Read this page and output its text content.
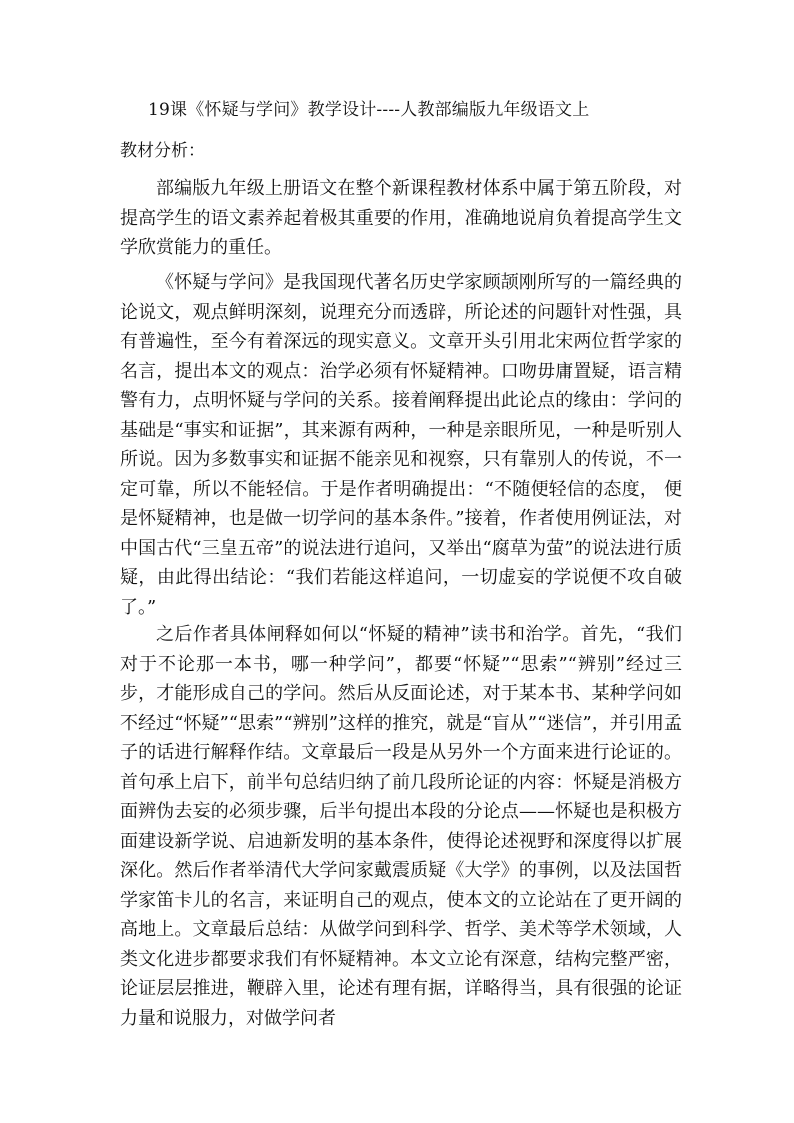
19课《怀疑与学问》教学设计----人教部编版九年级语文上
教材分析：

部编版九年级上册语文在整个新课程教材体系中属于第五阶段，对提高学生的语文素养起着极其重要的作用，准确地说肩负着提高学生文学欣赏能力的重任。

《怀疑与学问》是我国现代著名历史学家顾颉刚所写的一篇经典的论说文，观点鲜明深刻，说理充分而透辟，所论述的问题针对性强，具有普遍性，至今有着深远的现实意义。文章开头引用北宋两位哲学家的名言，提出本文的观点：治学必须有怀疑精神。口吻毋庸置疑，语言精警有力，点明怀疑与学问的关系。接着阐释提出此论点的缘由：学问的基础是“事实和证据”，其来源有两种，一种是亲眼所见，一种是听别人所说。因为多数事实和证据不能亲见和视察，只有靠别人的传说，不一定可靠，所以不能轻信。于是作者明确提出：“不随便轻信的态度， 便是怀疑精神，也是做一切学问的基本条件。”接着，作者使用例证法，对中国古代“三皇五帝”的说法进行追问，又举出“腐草为萤”的说法进行质疑，由此得出结论：“我们若能这样追问，一切虚妄的学说便不攻自破了。”

之后作者具体闸释如何以“怀疑的精神”读书和治学。首先，“我们对于不论那一本书，哪一种学问”，都要“怀疑”“思索”“辨别”经过三步，才能形成自己的学问。然后从反面论述，对于某本书、某种学问如不经过“怀疑”“思索”“辨别”这样的推究，就是“盲从”“迷信”，并引用孟子的话进行解释作结。文章最后一段是从另外一个方面来进行论证的。首句承上启下，前半句总结归纳了前几段所论证的内容：怀疑是消极方面辨伪去妄的必须步骤，后半句提出本段的分论点——怀疑也是积极方面建设新学说、启迪新发明的基本条件，使得论述视野和深度得以扩展深化。然后作者举清代大学问家戴震质疑《大学》的事例，以及法国哲学家笛卡儿的名言，来证明自己的观点，使本文的立论站在了更开阔的高地上。文章最后总结：从做学问到科学、哲学、美术等学术领域，人类文化进步都要求我们有怀疑精神。本文立论有深意，结构完整严密，论证层层推进，鞭辟入里，论述有理有据，详略得当，具有很强的论证力量和说服力，对做学问者
